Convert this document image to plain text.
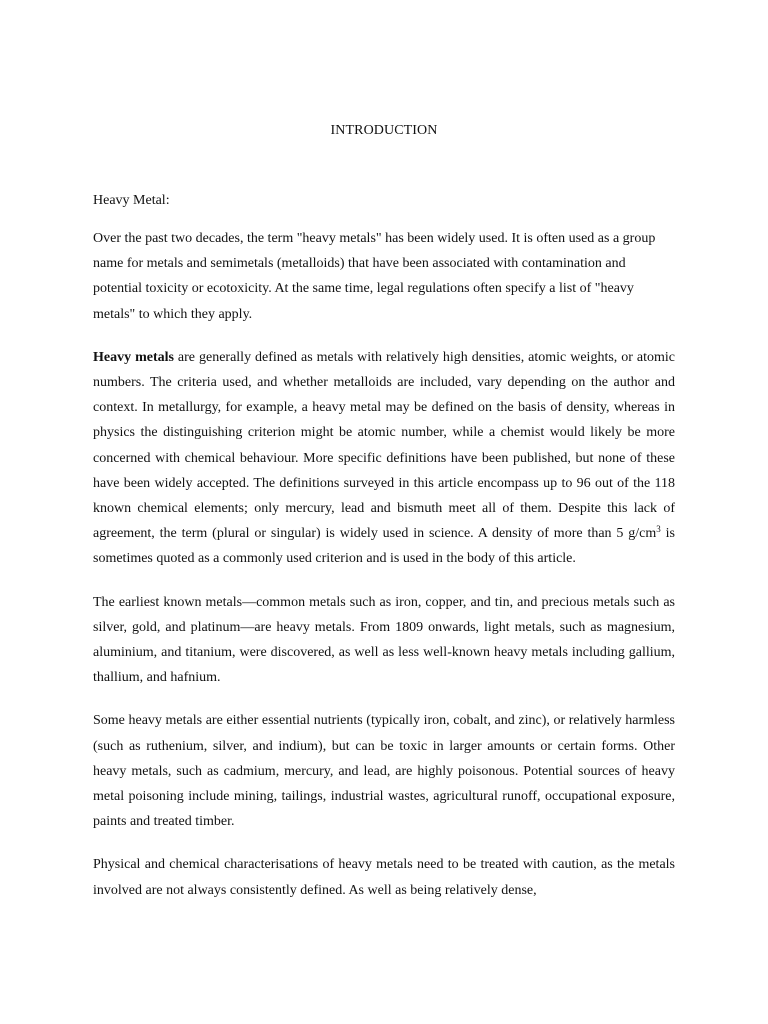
INTRODUCTION
Heavy Metal:

Over the past two decades, the term "heavy metals" has been widely used. It is often used as a group name for metals and semimetals (metalloids) that have been associated with contamination and potential toxicity or ecotoxicity. At the same time, legal regulations often specify a list of "heavy metals" to which they apply.

Heavy metals are generally defined as metals with relatively high densities, atomic weights, or atomic numbers. The criteria used, and whether metalloids are included, vary depending on the author and context. In metallurgy, for example, a heavy metal may be defined on the basis of density, whereas in physics the distinguishing criterion might be atomic number, while a chemist would likely be more concerned with chemical behaviour. More specific definitions have been published, but none of these have been widely accepted. The definitions surveyed in this article encompass up to 96 out of the 118 known chemical elements; only mercury, lead and bismuth meet all of them. Despite this lack of agreement, the term (plural or singular) is widely used in science. A density of more than 5 $g/cm^3$ is sometimes quoted as a commonly used criterion and is used in the body of this article.

The earliest known metals—common metals such as iron, copper, and tin, and precious metals such as silver, gold, and platinum—are heavy metals. From 1809 onwards, light metals, such as magnesium, aluminium, and titanium, were discovered, as well as less well-known heavy metals including gallium, thallium, and hafnium.

Some heavy metals are either essential nutrients (typically iron, cobalt, and zinc), or relatively harmless (such as ruthenium, silver, and indium), but can be toxic in larger amounts or certain forms. Other heavy metals, such as cadmium, mercury, and lead, are highly poisonous. Potential sources of heavy metal poisoning include mining, tailings, industrial wastes, agricultural runoff, occupational exposure, paints and treated timber.

Physical and chemical characterisations of heavy metals need to be treated with caution, as the metals involved are not always consistently defined. As well as being relatively dense,
